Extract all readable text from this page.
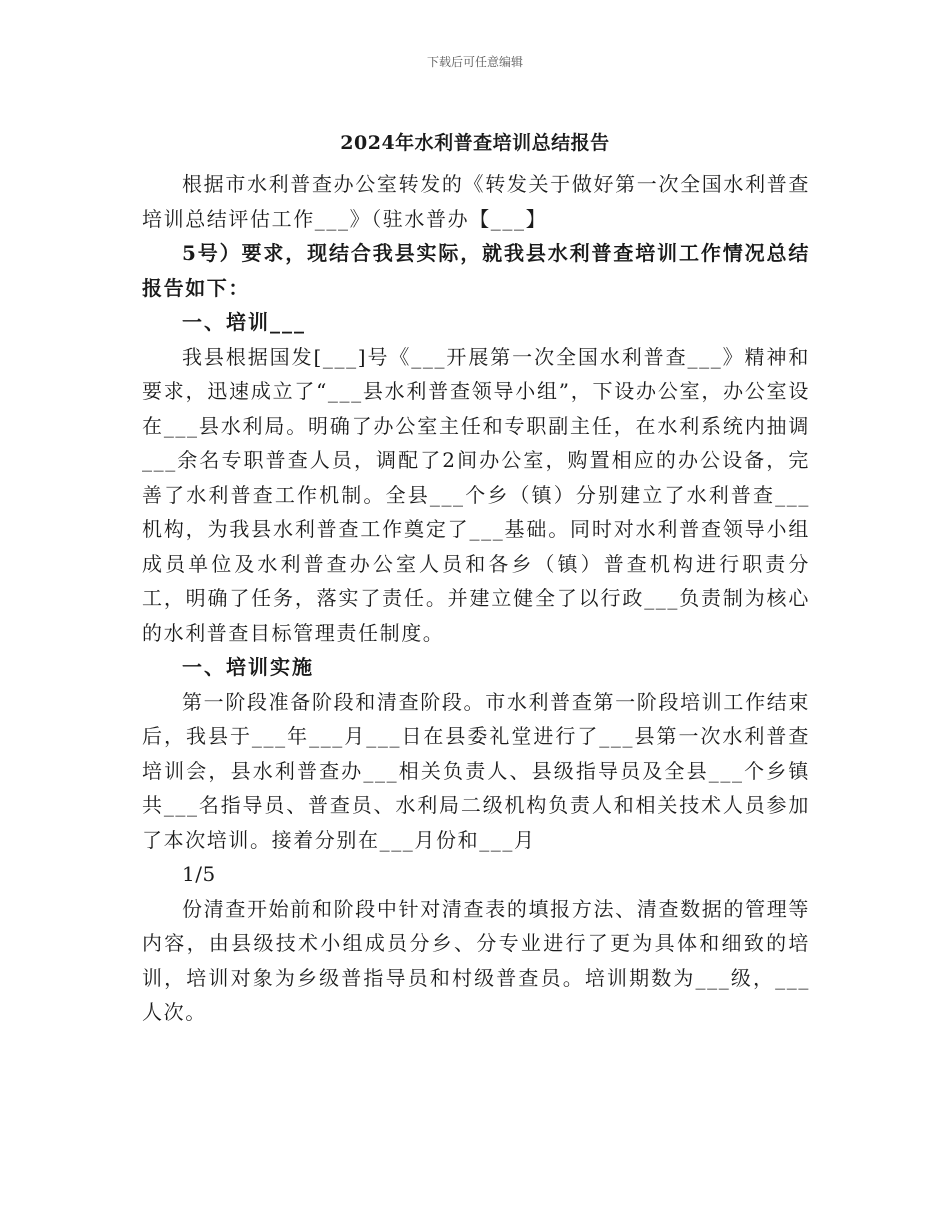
下载后可任意编辑
2024年水利普查培训总结报告

根据市水利普查办公室转发的《转发关于做好第一次全国水利普查培训总结评估工作___》（驻水普办【___】

5号）要求，现结合我县实际，就我县水利普查培训工作情况总结报告如下：

一、培训___

我县根据国发[___]号《___开展第一次全国水利普查___》精神和要求，迅速成立了“___县水利普查领导小组”，下设办公室，办公室设在___县水利局。明确了办公室主任和专职副主任，在水利系统内抽调___余名专职普查人员，调配了2间办公室，购置相应的办公设备，完善了水利普查工作机制。全县___个乡（镇）分别建立了水利普查___机构，为我县水利普查工作奠定了___基础。同时对水利普查领导小组成员单位及水利普查办公室人员和各乡（镇）普查机构进行职责分工，明确了任务，落实了责任。并建立健全了以行政___负责制为核心的水利普查目标管理责任制度。

一、培训实施

第一阶段准备阶段和清查阶段。市水利普查第一阶段培训工作结束后，我县于___年___月___日在县委礼堂进行了___县第一次水利普查培训会，县水利普查办___相关负责人、县级指导员及全县___个乡镇共___名指导员、普查员、水利局二级机构负责人和相关技术人员参加了本次培训。接着分别在___月份和___月

1/5

份清查开始前和阶段中针对清查表的填报方法、清查数据的管理等内容，由县级技术小组成员分乡、分专业进行了更为具体和细致的培训，培训对象为乡级普指导员和村级普查员。培训期数为___级，___人次。
